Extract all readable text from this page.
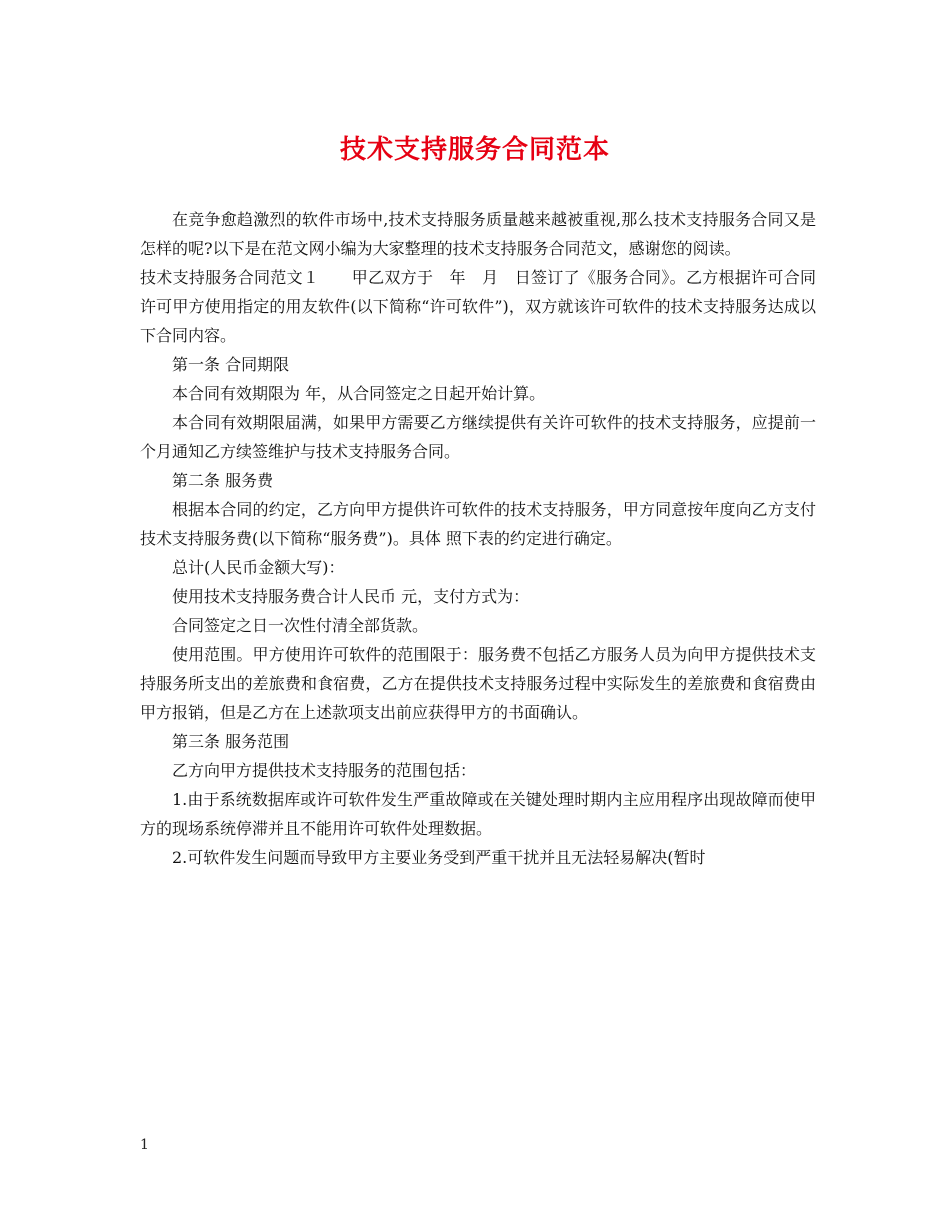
技术支持服务合同范本

在竞争愈趋激烈的软件市场中,技术支持服务质量越来越被重视,那么技术支持服务合同又是怎样的呢?以下是在范文网小编为大家整理的技术支持服务合同范文，感谢您的阅读。

技术支持服务合同范文１　　甲乙双方于　年　月　日签订了《服务合同》。乙方根据许可合同许可甲方使用指定的用友软件(以下简称“许可软件”)，双方就该许可软件的技术支持服务达成以下合同内容。

第一条 合同期限

本合同有效期限为 年，从合同签定之日起开始计算。

本合同有效期限届满，如果甲方需要乙方继续提供有关许可软件的技术支持服务，应提前一个月通知乙方续签维护与技术支持服务合同。

第二条 服务费

根据本合同的约定，乙方向甲方提供许可软件的技术支持服务，甲方同意按年度向乙方支付技术支持服务费(以下简称“服务费”)。具体 照下表的约定进行确定。

总计(人民币金额大写)：

使用技术支持服务费合计人民币 元，支付方式为：

合同签定之日一次性付清全部货款。

使用范围。甲方使用许可软件的范围限于：服务费不包括乙方服务人员为向甲方提供技术支持服务所支出的差旅费和食宿费，乙方在提供技术支持服务过程中实际发生的差旅费和食宿费由甲方报销，但是乙方在上述款项支出前应获得甲方的书面确认。

第三条 服务范围

乙方向甲方提供技术支持服务的范围包括：

1.由于系统数据库或许可软件发生严重故障或在关键处理时期内主应用程序出现故障而使甲方的现场系统停滞并且不能用许可软件处理数据。

2.可软件发生问题而导致甲方主要业务受到严重干扰并且无法轻易解决(暂时

1
